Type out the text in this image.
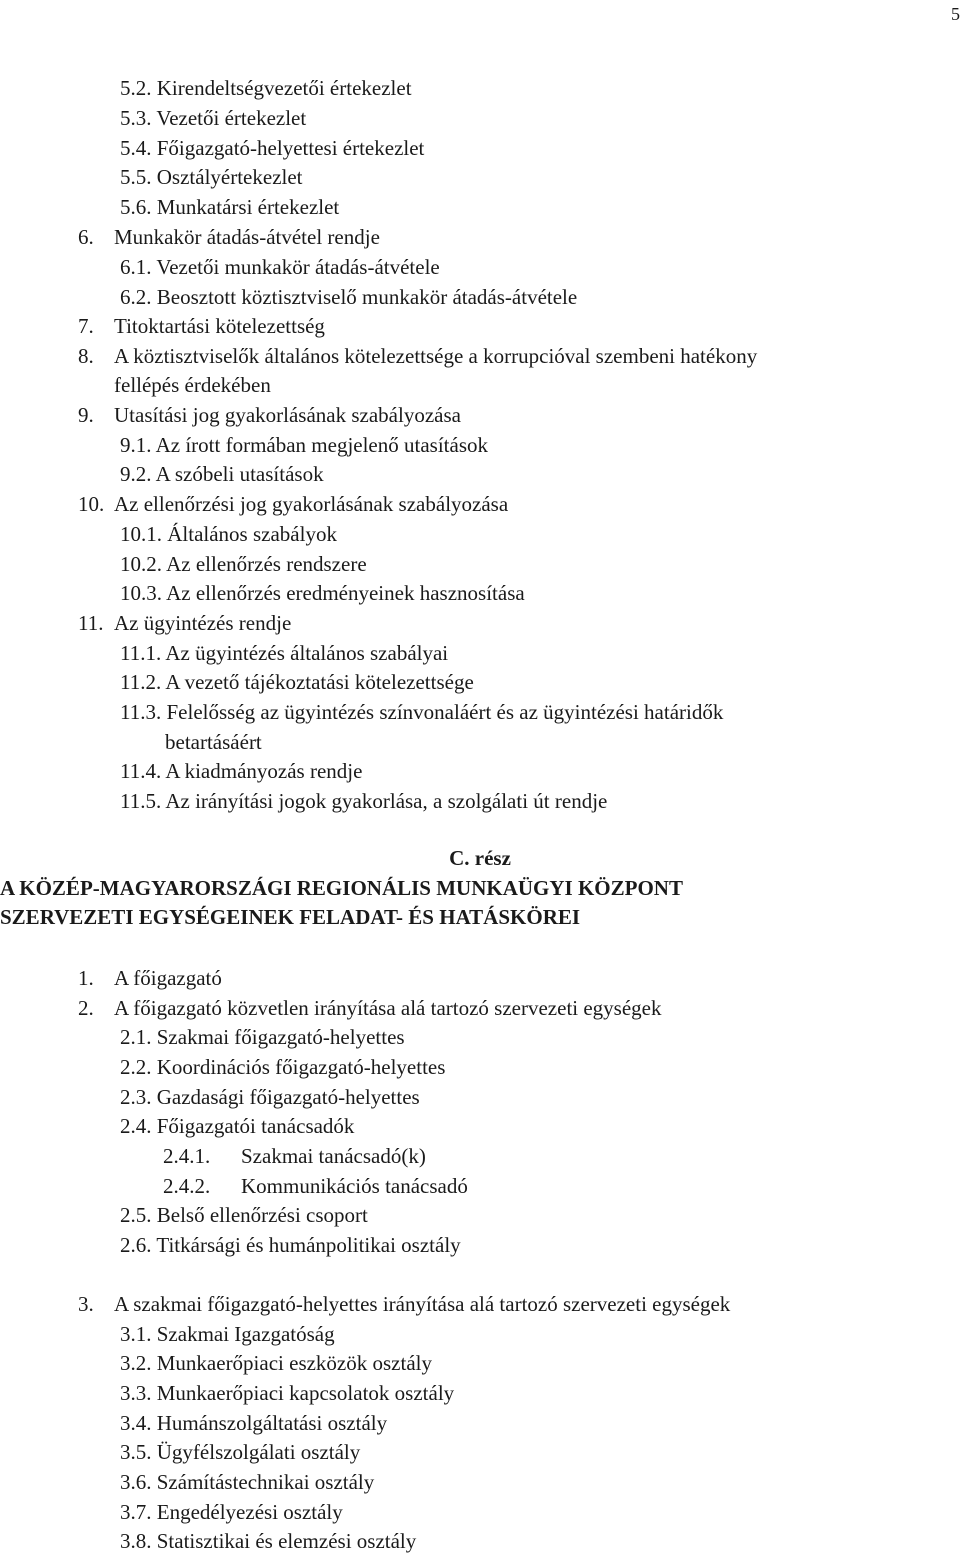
5
5.2. Kirendeltségvezetői értekezlet
5.3. Vezetői értekezlet
5.4. Főigazgató-helyettesi értekezlet
5.5. Osztályértekezlet
5.6. Munkatársi értekezlet
6. Munkakör átadás-átvétel rendje
6.1. Vezetői munkakör átadás-átvétele
6.2. Beosztott köztisztviselő munkakör átadás-átvétele
7. Titoktartási kötelezettség
8. A köztisztviselők általános kötelezettsége a korrupcióval szembeni hatékony
fellépés érdekében
9. Utasítási jog gyakorlásának szabályozása
9.1. Az írott formában megjelenő utasítások
9.2. A szóbeli utasítások
10. Az ellenőrzési jog gyakorlásának szabályozása
10.1. Általános szabályok
10.2. Az ellenőrzés rendszere
10.3. Az ellenőrzés eredményeinek hasznosítása
11. Az ügyintézés rendje
11.1. Az ügyintézés általános szabályai
11.2. A vezető tájékoztatási kötelezettsége
11.3. Felelősség az ügyintézés színvonaláért és az ügyintézési határidők
betartásáért
11.4. A kiadmányozás rendje
11.5. Az irányítási jogok gyakorlása, a szolgálati út rendje
C. rész
A KÖZÉP-MAGYARORSZÁGI REGIONÁLIS MUNKAÜGYI KÖZPONT
SZERVEZETI EGYSÉGEINEK FELADAT- ÉS HATÁSKÖREI
1. A főigazgató
2. A főigazgató közvetlen irányítása alá tartozó szervezeti egységek
2.1. Szakmai főigazgató-helyettes
2.2. Koordinációs főigazgató-helyettes
2.3. Gazdasági főigazgató-helyettes
2.4. Főigazgatói tanácsadók
2.4.1. Szakmai tanácsadó(k)
2.4.2. Kommunikációs tanácsadó
2.5. Belső ellenőrzési csoport
2.6. Titkársági és humánpolitikai osztály
3. A szakmai főigazgató-helyettes irányítása alá tartozó szervezeti egységek
3.1. Szakmai Igazgatóság
3.2. Munkaerőpiaci eszközök osztály
3.3. Munkaerőpiaci kapcsolatok osztály
3.4. Humánszolgáltatási osztály
3.5. Ügyfélszolgálati osztály
3.6. Számítástechnikai osztály
3.7. Engedélyezési osztály
3.8. Statisztikai és elemzési osztály
